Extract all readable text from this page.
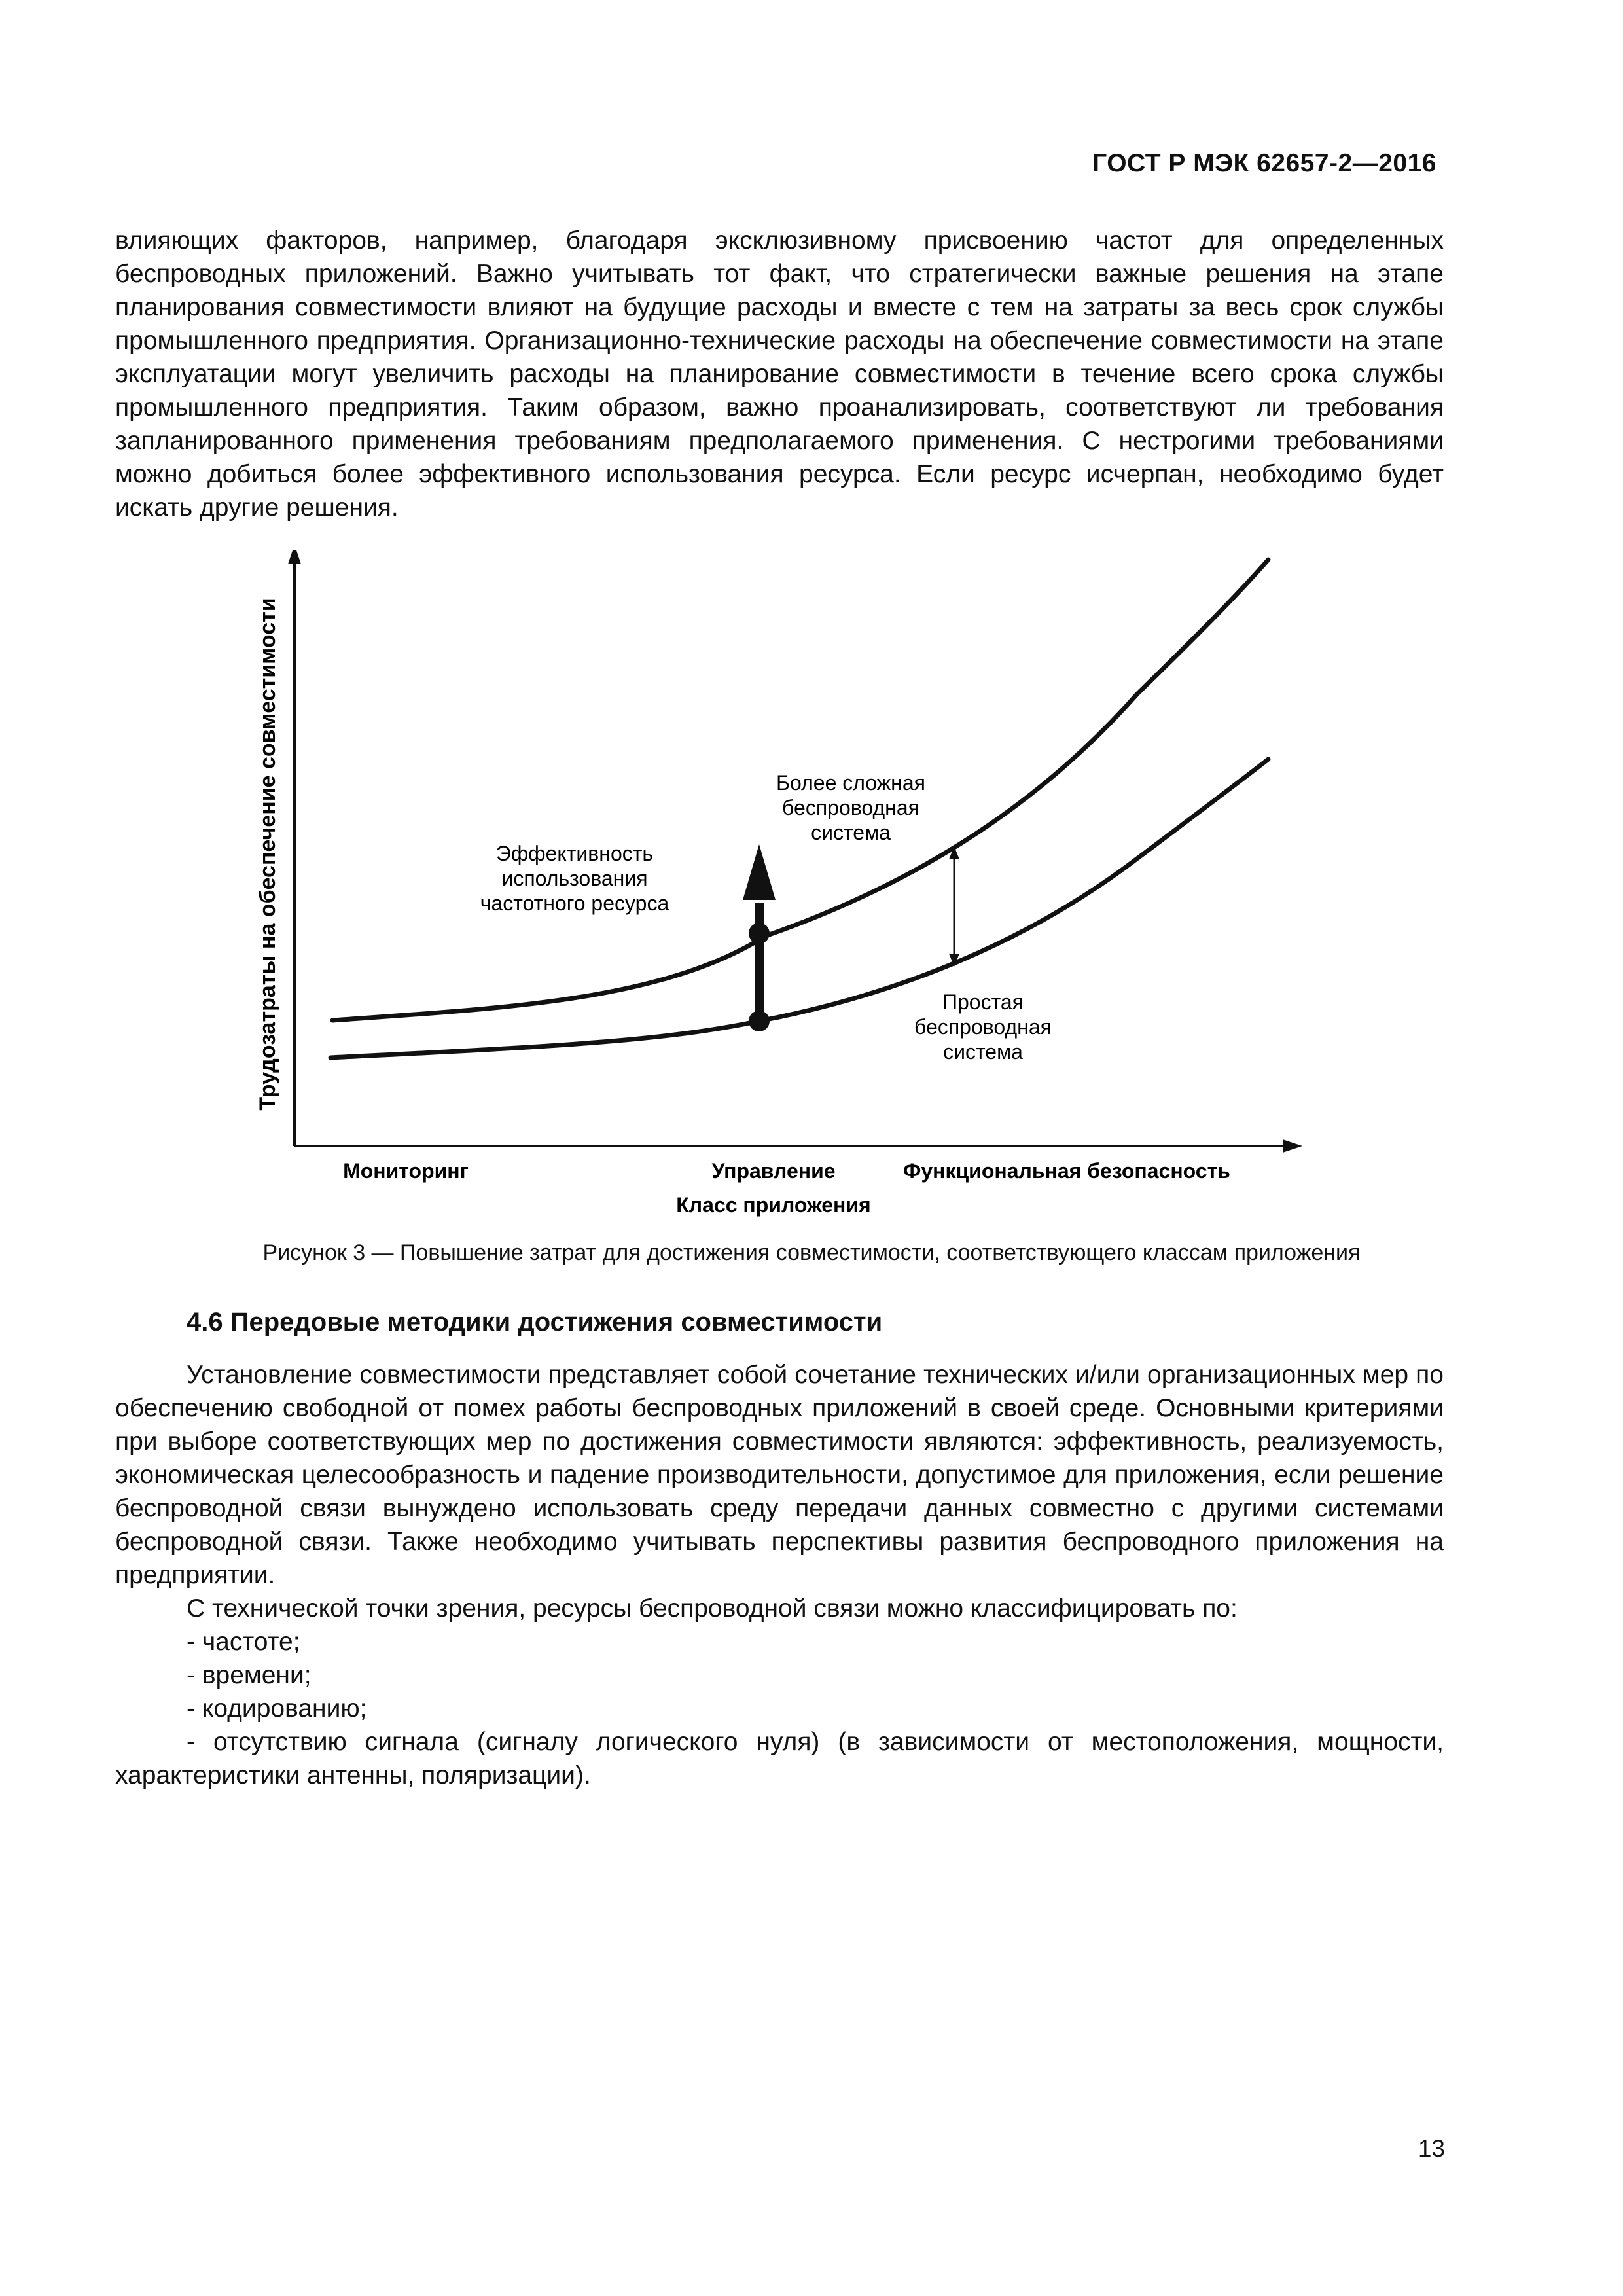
ГОСТ Р МЭК 62657-2—2016

влияющих факторов, например, благодаря эксклюзивному присвоению частот для определенных беспроводных приложений. Важно учитывать тот факт, что стратегически важные решения на этапе планирования совместимости влияют на будущие расходы и вместе с тем на затраты за весь срок службы промышленного предприятия. Организационно-технические расходы на обеспечение совместимости на этапе эксплуатации могут увеличить расходы на планирование совместимости в течение всего срока службы промышленного предприятия. Таким образом, важно проанализировать, соответствуют ли требования запланированного применения требованиям предполагаемого применения. С нестрогими требованиями можно добиться более эффективного использования ресурса. Если ресурс исчерпан, необходимо будет искать другие решения.

Трудозатраты на обеспечение совместимости
Мониторинг	Управление	Функциональная безопасность
Класс приложения
Более сложная
беспроводная
система
Эффективность
использования
частотного ресурса
Простая
беспроводная
система
Рисунок 3 — Повышение затрат для достижения совместимости, соответствующего классам приложения
4.6 Передовые методики достижения совместимости

Установление совместимости представляет собой сочетание технических и/или организационных мер по обеспечению свободной от помех работы беспроводных приложений в своей среде. Основными критериями при выборе соответствующих мер по достижения совместимости являются: эффективность, реализуемость, экономическая целесообразность и падение производительности, допустимое для приложения, если решение беспроводной связи вынуждено использовать среду передачи данных совместно с другими системами беспроводной связи. Также необходимо учитывать перспективы развития беспроводного приложения на предприятии.

С технической точки зрения, ресурсы беспроводной связи можно классифицировать по:

- частоте;

- времени;

- кодированию;

- отсутствию сигнала (сигналу логического нуля) (в зависимости от местоположения, мощности, характеристики антенны, поляризации).

13
